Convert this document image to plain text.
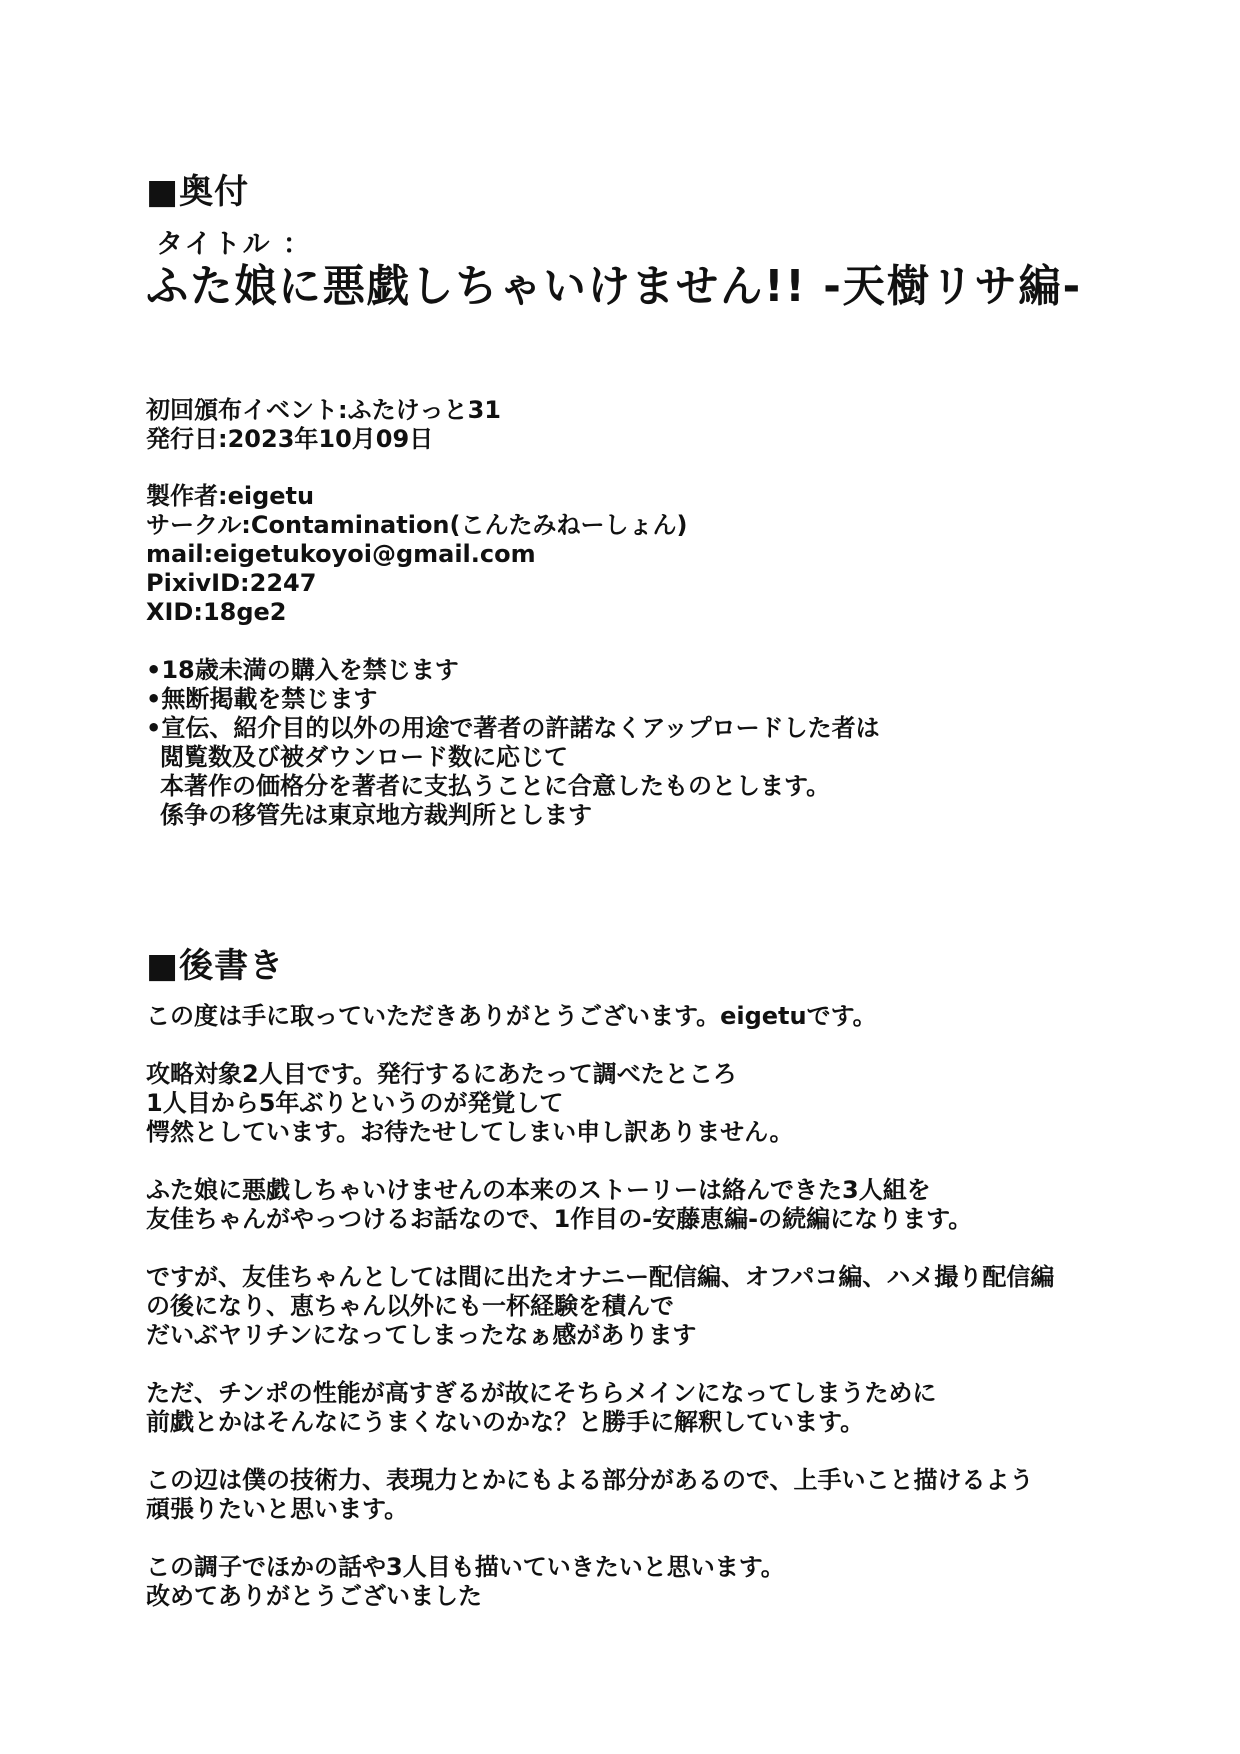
■奥付
タイトル ：
ふた娘に悪戯しちゃいけません!! -天樹リサ編-
初回頒布イベント:ふたけっと31
発行日:2023年10月09日
製作者:eigetu
サークル:Contamination(こんたみねーしょん)
mail:eigetukoyoi@gmail.com
PixivID:2247
XID:18ge2
•18歳未満の購入を禁じます
•無断掲載を禁じます
•宣伝、紹介目的以外の用途で著者の許諾なくアップロードした者は
閲覧数及び被ダウンロード数に応じて
本著作の価格分を著者に支払うことに合意したものとします。
係争の移管先は東京地方裁判所とします
■後書き
この度は手に取っていただきありがとうございます。eigetuです。
攻略対象2人目です。発行するにあたって調べたところ
1人目から5年ぶりというのが発覚して
愕然としています。お待たせしてしまい申し訳ありません。
ふた娘に悪戯しちゃいけませんの本来のストーリーは絡んできた3人組を
友佳ちゃんがやっつけるお話なので、1作目の-安藤恵編-の続編になります。
ですが、友佳ちゃんとしては間に出たオナニー配信編、オフパコ編、ハメ撮り配信編
の後になり、恵ちゃん以外にも一杯経験を積んで
だいぶヤリチンになってしまったなぁ感があります
ただ、チンポの性能が高すぎるが故にそちらメインになってしまうために
前戯とかはそんなにうまくないのかな？と勝手に解釈しています。
この辺は僕の技術力、表現力とかにもよる部分があるので、上手いこと描けるよう
頑張りたいと思います。
この調子でほかの話や3人目も描いていきたいと思います。
改めてありがとうございました
